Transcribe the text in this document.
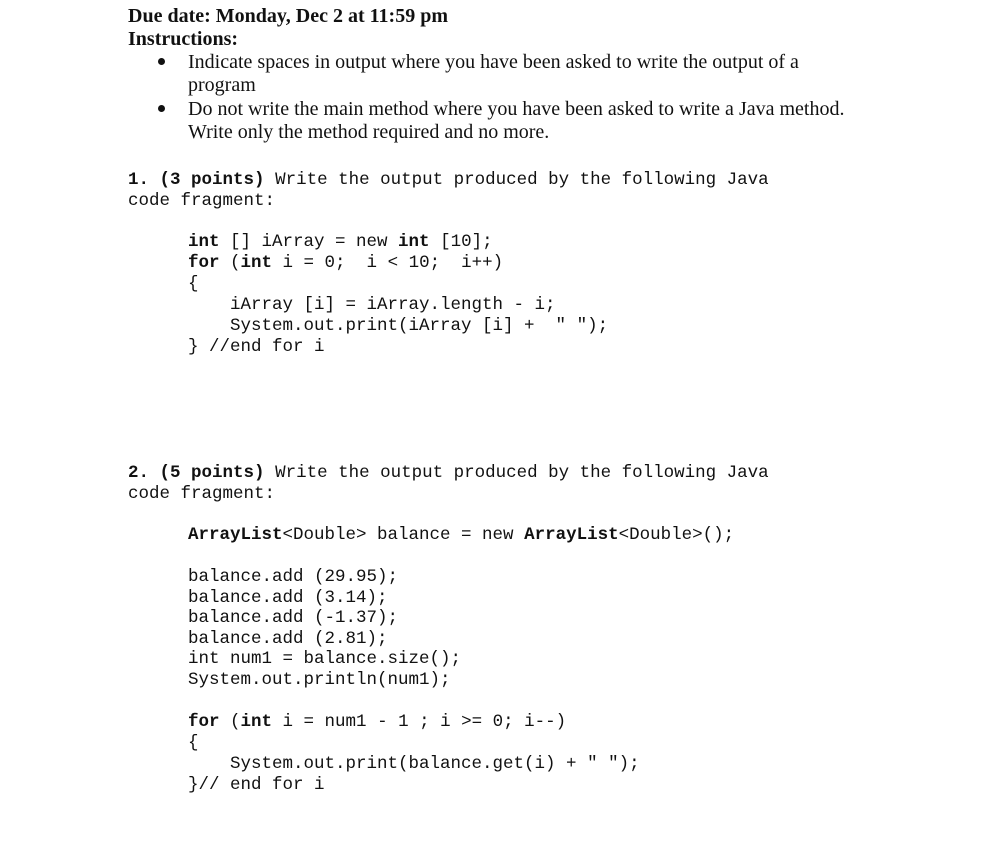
Due date: Monday, Dec 2 at 11:59 pm
Instructions:
Indicate spaces in output where you have been asked to write the output of a
program
Do not write the main method where you have been asked to write a Java method.
Write only the method required and no more.
1. (3 points) Write the output produced by the following Java
code fragment:

int [] iArray = new int [10];

for (int i = 0;  i < 10;  i++)

{

iArray [i] = iArray.length - i;

System.out.print(iArray [i] +  " ");

} //end for i

2. (5 points) Write the output produced by the following Java
code fragment:
ArrayList<Double> balance = new ArrayList<Double>();

balance.add (29.95);

balance.add (3.14);

balance.add (-1.37);

balance.add (2.81);

int num1 = balance.size();

System.out.println(num1);

for (int i = num1 - 1 ; i >= 0; i--)

{

System.out.print(balance.get(i) + " ");

}// end for i
